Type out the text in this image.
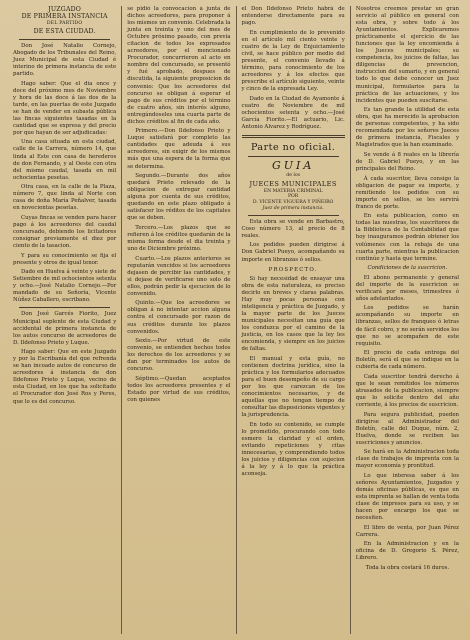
JUZGADO
DE PRIMERA INSTANCIA
DEL PARTIDO
DE ESTA CIUDAD.

Don José Natalio Cornejo, Abogado de los Tribunales del Reino, Juez Municipal de esta Ciudad é interino de primera instancia de este partido.

Hago saber: Que el dia once y doce del próximo mes de Noviembre y hora de las doce á las dos de la tarde, en las puertas de este Juzgado se han de vender en subasta pública las fincas siguientes tasadas en la cantidad que se expresa y del precio por que hayan de ser adjudicadas:

Una casa situada en esta ciudad, calle de la Carrera, número 14, que linda al Este con casa de herederos de don Fernando, y al Oeste con otra del mismo caudal, tasada en mil ochocientas pesetas.

Otra casa, en la calle de la Plaza, número 7, que linda al Norte con casa de doña María Peñalver, tasada en novecientas pesetas.

Cuyas fincas se venden para hacer pago á los acreedores del caudal concursado, debiendo los licitadores consignar previamente el diez por ciento de la tasacion.

Y para su conocimiento se fija el presente y otros de igual tenor.

Dado en Huelva á veinte y siete de Setiembre de mil ochocientos setenta y ocho.—José Natalio Cornejo.—Por mandado de su Señoría, Vicente Núñez Caballero, escribano.

Don José Garcés Fiorito, Juez Municipal suplente de esta Ciudad y accidental de primera instancia de los autos concurso de acreedores de D. Ildefonso Prieto y Luque.

Hago saber: Que en este Juzgado y por la Escribanía del que refrenda se han incoado autos de concurso de acreedores á instancia de don Ildefonso Prieto y Luque, vecino de esta Ciudad, en los que ha solicitado el Procurador don José Ros y Peres, que lo es del concurso.

se pidió la convocacion á junta de dichos acreedores, para proponer á los mismos un convenio. Celebrada la junta en treinta y uno del mes de Octubre próximo pasado, con previa citacion de todos los expresados acreedores, por el mencionado Procurador, concurrieron al acto en nombre del concursado, se presentó y fué aprobado, despues de discutida, la siguiente proposicion de convenio: Que los acreedores del concurso se obligan á esperar el pago de sus créditos por el término de cuatro años, sin interés alguno, entregándoseles una cuarta parte de dichos créditos al fin de cada año.

Primero.—Don Ildefonso Prieto y Luque satisfará por completo las cantidades que adeuda á sus acreedores, sin exigir de los mismos más que una espera de la forma que se determina.

Segundo.—Durante dos años quedará Prieto relevado de la obligacion de entregar cantidad alguna por cuenta de sus créditos, quedando en este plazo obligado á satisfacer los réditos de los capitales que se deben.

Tercero.—Los plazos que se refieren á los créditos quedarán de la misma forma desde el dia treinta y uno de Diciembre próximo.

Cuarto.—Los plazos anteriores se reputarán vencidos si los acreedores dejasen de percibir las cantidades, y si dejase de verificarse uno solo de ellos, podrán pedir la ejecucion de lo convenido.

Quinto.—Que los acreedores se obligan á no intentar accion alguna contra el concursado por razon de sus créditos durante los plazos convenidos.

Sexto.—Por virtud de este convenio, se entienden hechos todos los derechos de los acreedores y se dan por terminados los autos de concurso.

Séptimo.—Quedan aceptados todos los acreedores presentes y el Estado por virtud de sus créditos, con quienes

el Don Ildefonso Prieto habrá de entenderse directamente para su pago.

En cumplimiento de lo prevenido en el artículo mil ciento veinte y cuatro de la Ley de Enjuiciamiento civil, se hace público por medio del presente, el convenio llevado á término, para conocimiento de los acreedores y á los efectos que prescribe el artículo siguiente, veinte y cinco de la expresada Ley.

Dado en la Ciudad de Ayamonte á cuatro de Noviembre de mil ochocientos setenta y ocho.—José García Fiorito.—El actuario, Lic. Antonio Alvarez y Rodríguez.

Parte no oficial.
GUIA
de los
JUECES MUNICIPALES
EN MATERIA CRIMINAL
POR
D. VICENTE VIGUERA Y PIÑEIRO
Juez de primera instancia.

Esta obra se vende en Barbastro, Coso número 13, al precio de 8 reales.

Los pedidos pueden dirigirse á Don Gabriel Pueyo, acompañando su importe en libranzas ó sellos.

PROSPECTO.

Si hay necesidad de ensayar una obra de esta naturaleza, es preciso decirlo en breves y claras palabras. Hay muy pocas personas con inteligencia y práctica de Juzgado, y la mayor parte de los Jueces municipales necesitan una guía que los conduzca por el camino de la justicia, en los casos que la ley les encomienda, y siempre en los juicios de faltas.

El manual y esta guía, no contienen doctrina jurídica, sino la práctica y los formularios adecuados para el buen desempeño de su cargo por los que carezcan de los conocimientos necesarios, y de aquellas que no tengan tiempo de consultar las disposiciones vigentes y la jurisprudencia.

En todo su contenido, se cumple lo prometido, procurando con todo esmero la claridad y el orden, evitando repeticiones y citas innecesarias, y comprendiendo todos los juicios y diligencias con sujecion á la ley y á lo que la práctica aconseja.

Nosotros creemos prestar un gran servicio al público en general con esta obra, y sobre todo á los Ayuntamientos. Explicaremos prácticamente el ejercicio de las funciones que la ley encomienda á los Jueces municipales; su competencia, los juicios de faltas, las diligencias de prevencion, instruccion del sumario, y en general todo lo que debe conocer un Juez municipal, formularios para la práctica de las actuaciones, y los incidentes que pueden suscitarse.

Es tan grande la utilidad de esta obra, que ha merecido la aprobacion de personas competentes, y ha sido recomendada por los señores Jueces de primera instancia, Fiscales y Magistrados que la han examinado.

Se vende á 8 reales en la librería de D. Gabriel Pueyo, y en las principales del Reino.

Á cada suscritor, lleva consigo la obligacion de pagar su importe, y remitiendo los pedidos con su importe en sellos, se les servirá franco de porte.

En esta publicacion, como en todas las nuestras, los suscritores de la Biblioteca de la Contabilidad que hoy inauguramos podrán obtener los volúmenes con la rebaja de una cuarta parte, mientras la publicacion continúe y hasta que termine.

Condiciones de la suscricion.

El abono permanente y general del importe de la suscricion se verificará por meses, trimestres ó años adelantados.

Los pedidos se harán acompañando su importe en libranzas, sellos de franqueo ó letras de fácil cobro, y no serán servidos los que no se acompañen de este requisito.

El precio de cada entrega del Boletín, será el que se indique en la cubierta de cada número.

Cada suscritor tendrá derecho á que le sean remitidos los números atrasados de la publicacion, siempre que lo solicite dentro del año corriente, á los precios de suscricion.

Para segura publicidad, pueden dirigirse al Administrador del Boletín, calle del Duque, núm. 2, Huelva, donde se reciben las suscriciones y anuncios.

Se hará en la Administracion toda clase de trabajos de imprenta con la mayor economía y prontitud.

Lo que interesa saber á los señores Ayuntamientos, Juzgados y demás oficinas públicas, es que en esta imprenta se hallan de venta toda clase de impresos para su uso, y se hacen por encargo los que se necesiten.

El libro de venta, por Juan Pérez Carrera.

En la Administracion y en la oficina de D. Gregorio S. Pérez, Librero.

Toda la obra costará 16 duros.
